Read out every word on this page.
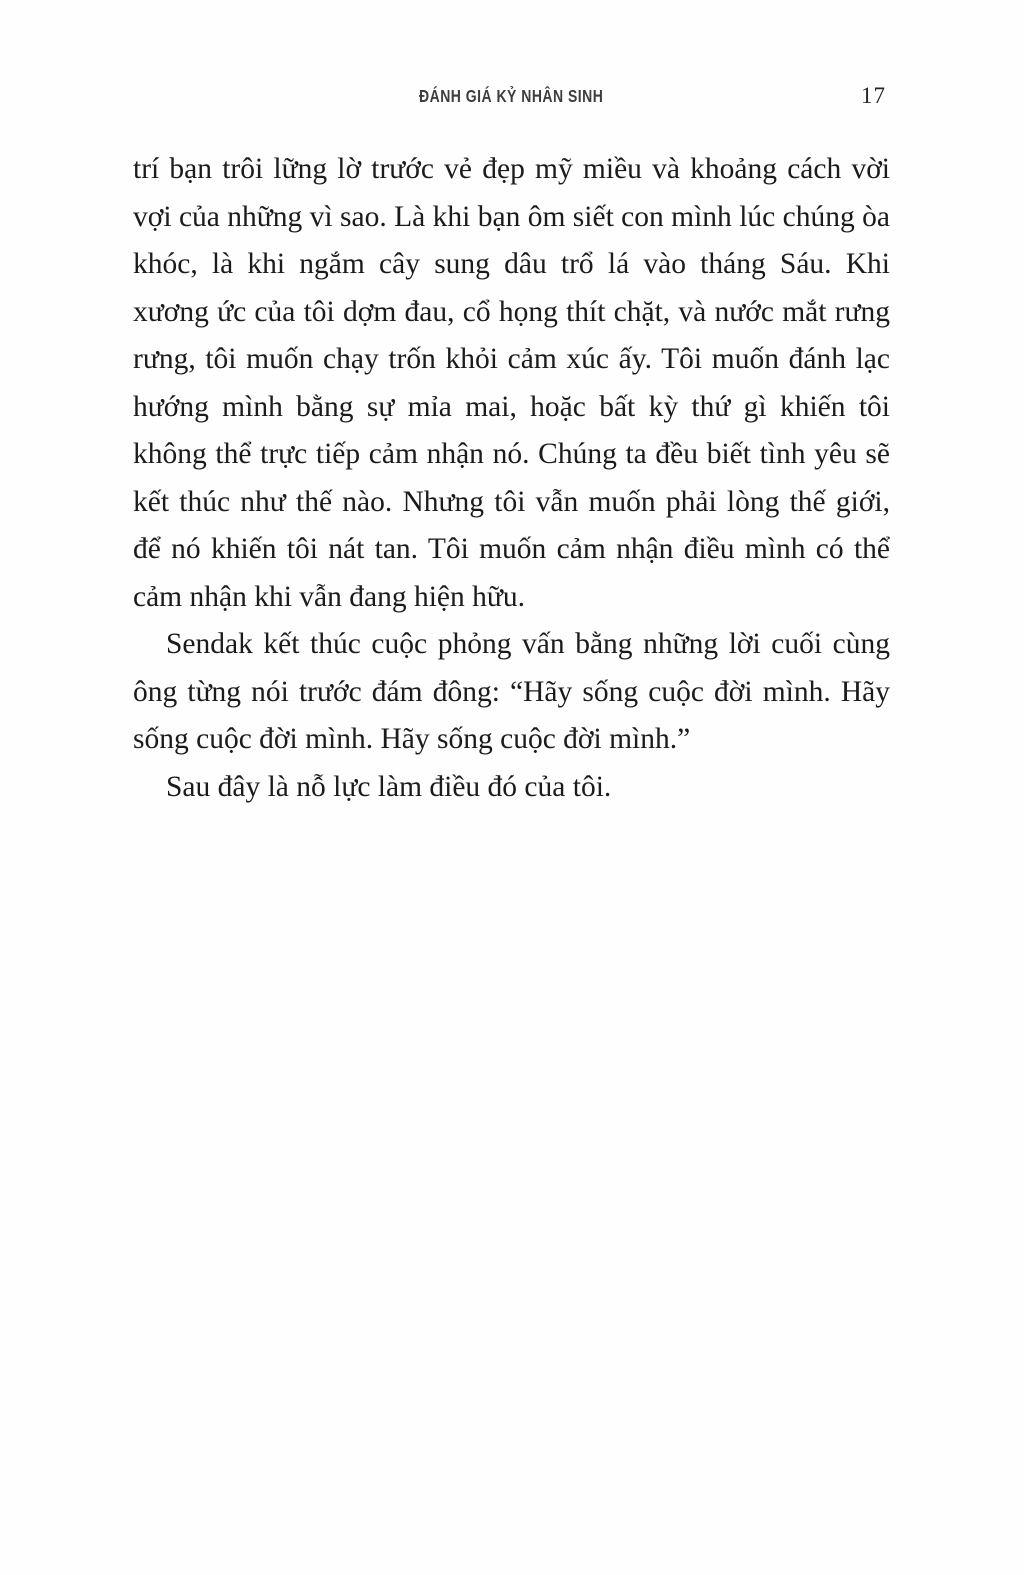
ĐÁNH GIÁ KỶ NHÂN SINH	17

trí bạn trôi lững lờ trước vẻ đẹp mỹ miều và khoảng cách vời vợi của những vì sao. Là khi bạn ôm siết con mình lúc chúng òa khóc, là khi ngắm cây sung dâu trổ lá vào tháng Sáu. Khi xương ức của tôi dợm đau, cổ họng thít chặt, và nước mắt rưng rưng, tôi muốn chạy trốn khỏi cảm xúc ấy. Tôi muốn đánh lạc hướng mình bằng sự mỉa mai, hoặc bất kỳ thứ gì khiến tôi không thể trực tiếp cảm nhận nó. Chúng ta đều biết tình yêu sẽ kết thúc như thế nào. Nhưng tôi vẫn muốn phải lòng thế giới, để nó khiến tôi nát tan. Tôi muốn cảm nhận điều mình có thể cảm nhận khi vẫn đang hiện hữu.

Sendak kết thúc cuộc phỏng vấn bằng những lời cuối cùng ông từng nói trước đám đông: “Hãy sống cuộc đời mình. Hãy sống cuộc đời mình. Hãy sống cuộc đời mình.”

Sau đây là nỗ lực làm điều đó của tôi.
